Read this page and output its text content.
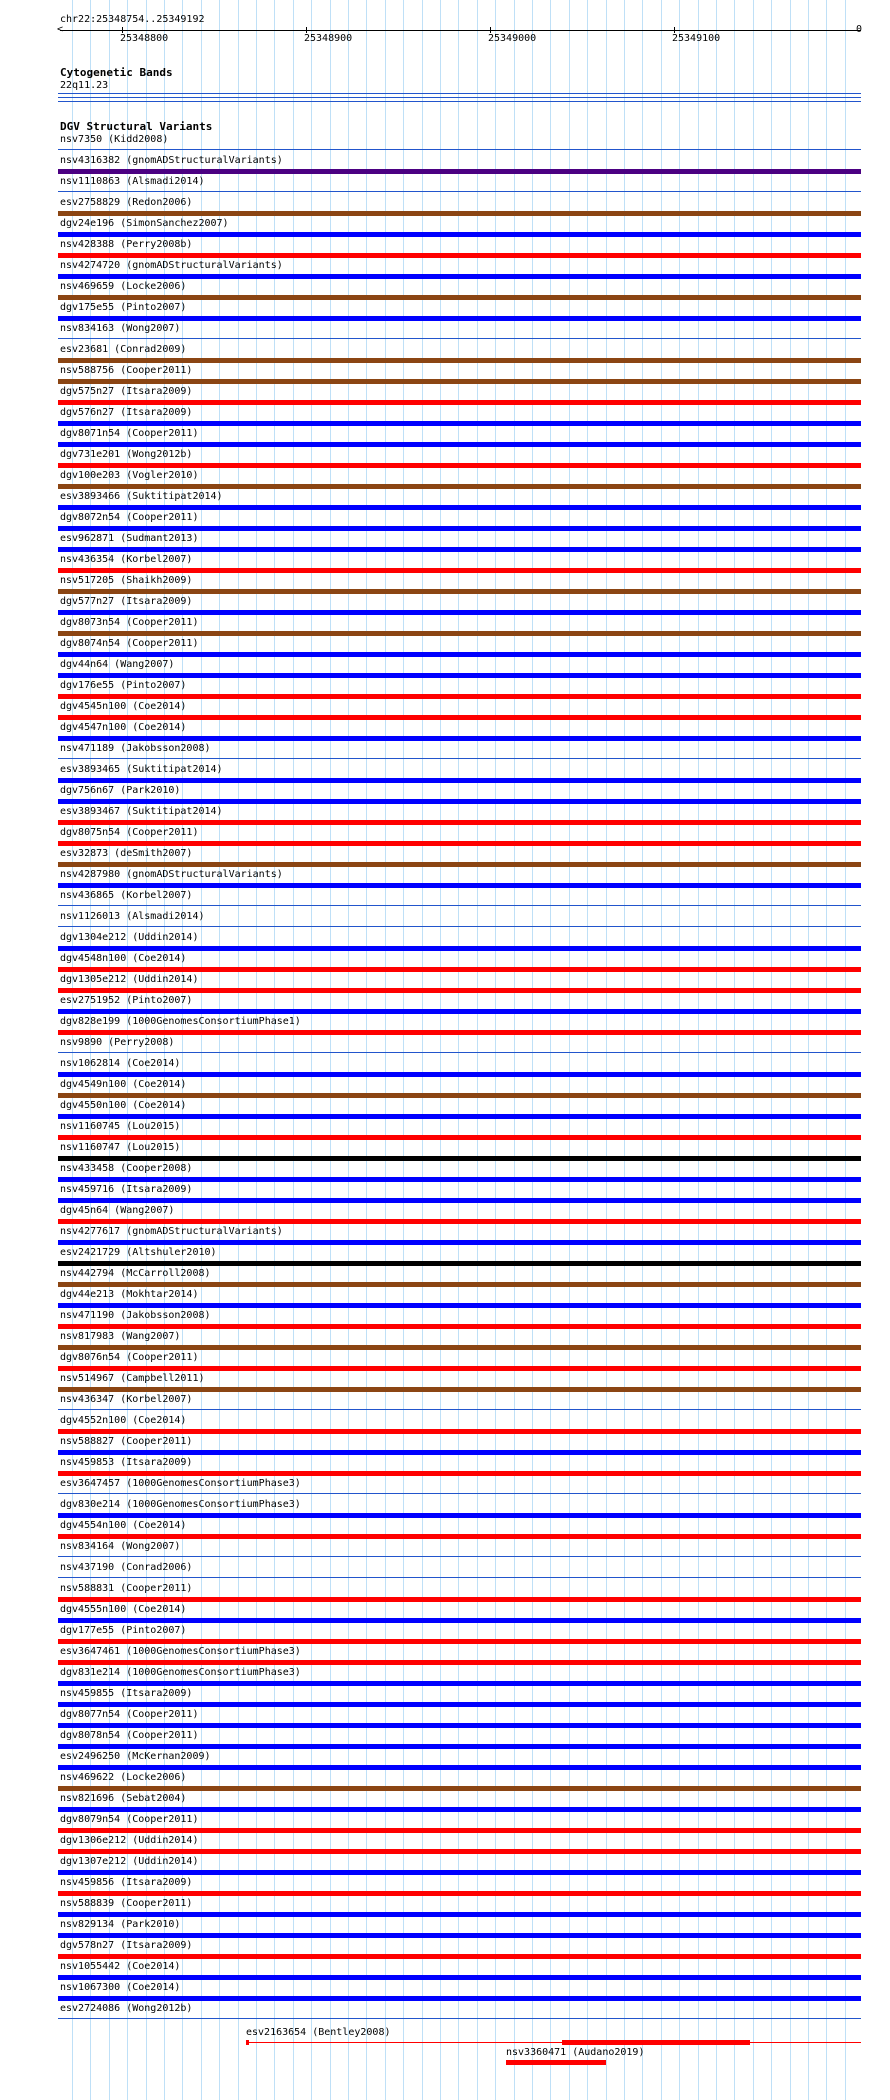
chr22:25348754..25349192
<	0
25348800	25348900	25349000	25349100
Cytogenetic Bands
22q11.23
DGV Structural Variants
nsv7350 (Kidd2008)
nsv4316382 (gnomADStructuralVariants)
nsv1110863 (Alsmadi2014)
esv2758829 (Redon2006)
dgv24e196 (SimonSanchez2007)
nsv428388 (Perry2008b)
nsv4274720 (gnomADStructuralVariants)
nsv469659 (Locke2006)
dgv175e55 (Pinto2007)
nsv834163 (Wong2007)
esv23681 (Conrad2009)
nsv588756 (Cooper2011)
dgv575n27 (Itsara2009)
dgv576n27 (Itsara2009)
dgv8071n54 (Cooper2011)
dgv731e201 (Wong2012b)
dgv100e203 (Vogler2010)
esv3893466 (Suktitipat2014)
dgv8072n54 (Cooper2011)
esv962871 (Sudmant2013)
nsv436354 (Korbel2007)
nsv517205 (Shaikh2009)
dgv577n27 (Itsara2009)
dgv8073n54 (Cooper2011)
dgv8074n54 (Cooper2011)
dgv44n64 (Wang2007)
dgv176e55 (Pinto2007)
dgv4545n100 (Coe2014)
dgv4547n100 (Coe2014)
nsv471189 (Jakobsson2008)
esv3893465 (Suktitipat2014)
dgv756n67 (Park2010)
esv3893467 (Suktitipat2014)
dgv8075n54 (Cooper2011)
esv32873 (deSmith2007)
nsv4287980 (gnomADStructuralVariants)
nsv436865 (Korbel2007)
nsv1126013 (Alsmadi2014)
dgv1304e212 (Uddin2014)
dgv4548n100 (Coe2014)
dgv1305e212 (Uddin2014)
esv2751952 (Pinto2007)
dgv828e199 (1000GenomesConsortiumPhase1)
nsv9890 (Perry2008)
nsv1062814 (Coe2014)
dgv4549n100 (Coe2014)
dgv4550n100 (Coe2014)
nsv1160745 (Lou2015)
nsv1160747 (Lou2015)
nsv433458 (Cooper2008)
nsv459716 (Itsara2009)
dgv45n64 (Wang2007)
nsv4277617 (gnomADStructuralVariants)
esv2421729 (Altshuler2010)
nsv442794 (McCarroll2008)
dgv44e213 (Mokhtar2014)
nsv471190 (Jakobsson2008)
nsv817983 (Wang2007)
dgv8076n54 (Cooper2011)
nsv514967 (Campbell2011)
nsv436347 (Korbel2007)
dgv4552n100 (Coe2014)
nsv588827 (Cooper2011)
nsv459853 (Itsara2009)
esv3647457 (1000GenomesConsortiumPhase3)
dgv830e214 (1000GenomesConsortiumPhase3)
dgv4554n100 (Coe2014)
nsv834164 (Wong2007)
nsv437190 (Conrad2006)
nsv588831 (Cooper2011)
dgv4555n100 (Coe2014)
dgv177e55 (Pinto2007)
esv3647461 (1000GenomesConsortiumPhase3)
dgv831e214 (1000GenomesConsortiumPhase3)
nsv459855 (Itsara2009)
dgv8077n54 (Cooper2011)
dgv8078n54 (Cooper2011)
esv2496250 (McKernan2009)
nsv469622 (Locke2006)
nsv821696 (Sebat2004)
dgv8079n54 (Cooper2011)
dgv1306e212 (Uddin2014)
dgv1307e212 (Uddin2014)
nsv459856 (Itsara2009)
nsv588839 (Cooper2011)
nsv829134 (Park2010)
dgv578n27 (Itsara2009)
nsv1055442 (Coe2014)
nsv1067300 (Coe2014)
esv2724086 (Wong2012b)
esv2163654 (Bentley2008)
nsv3360471 (Audano2019)
